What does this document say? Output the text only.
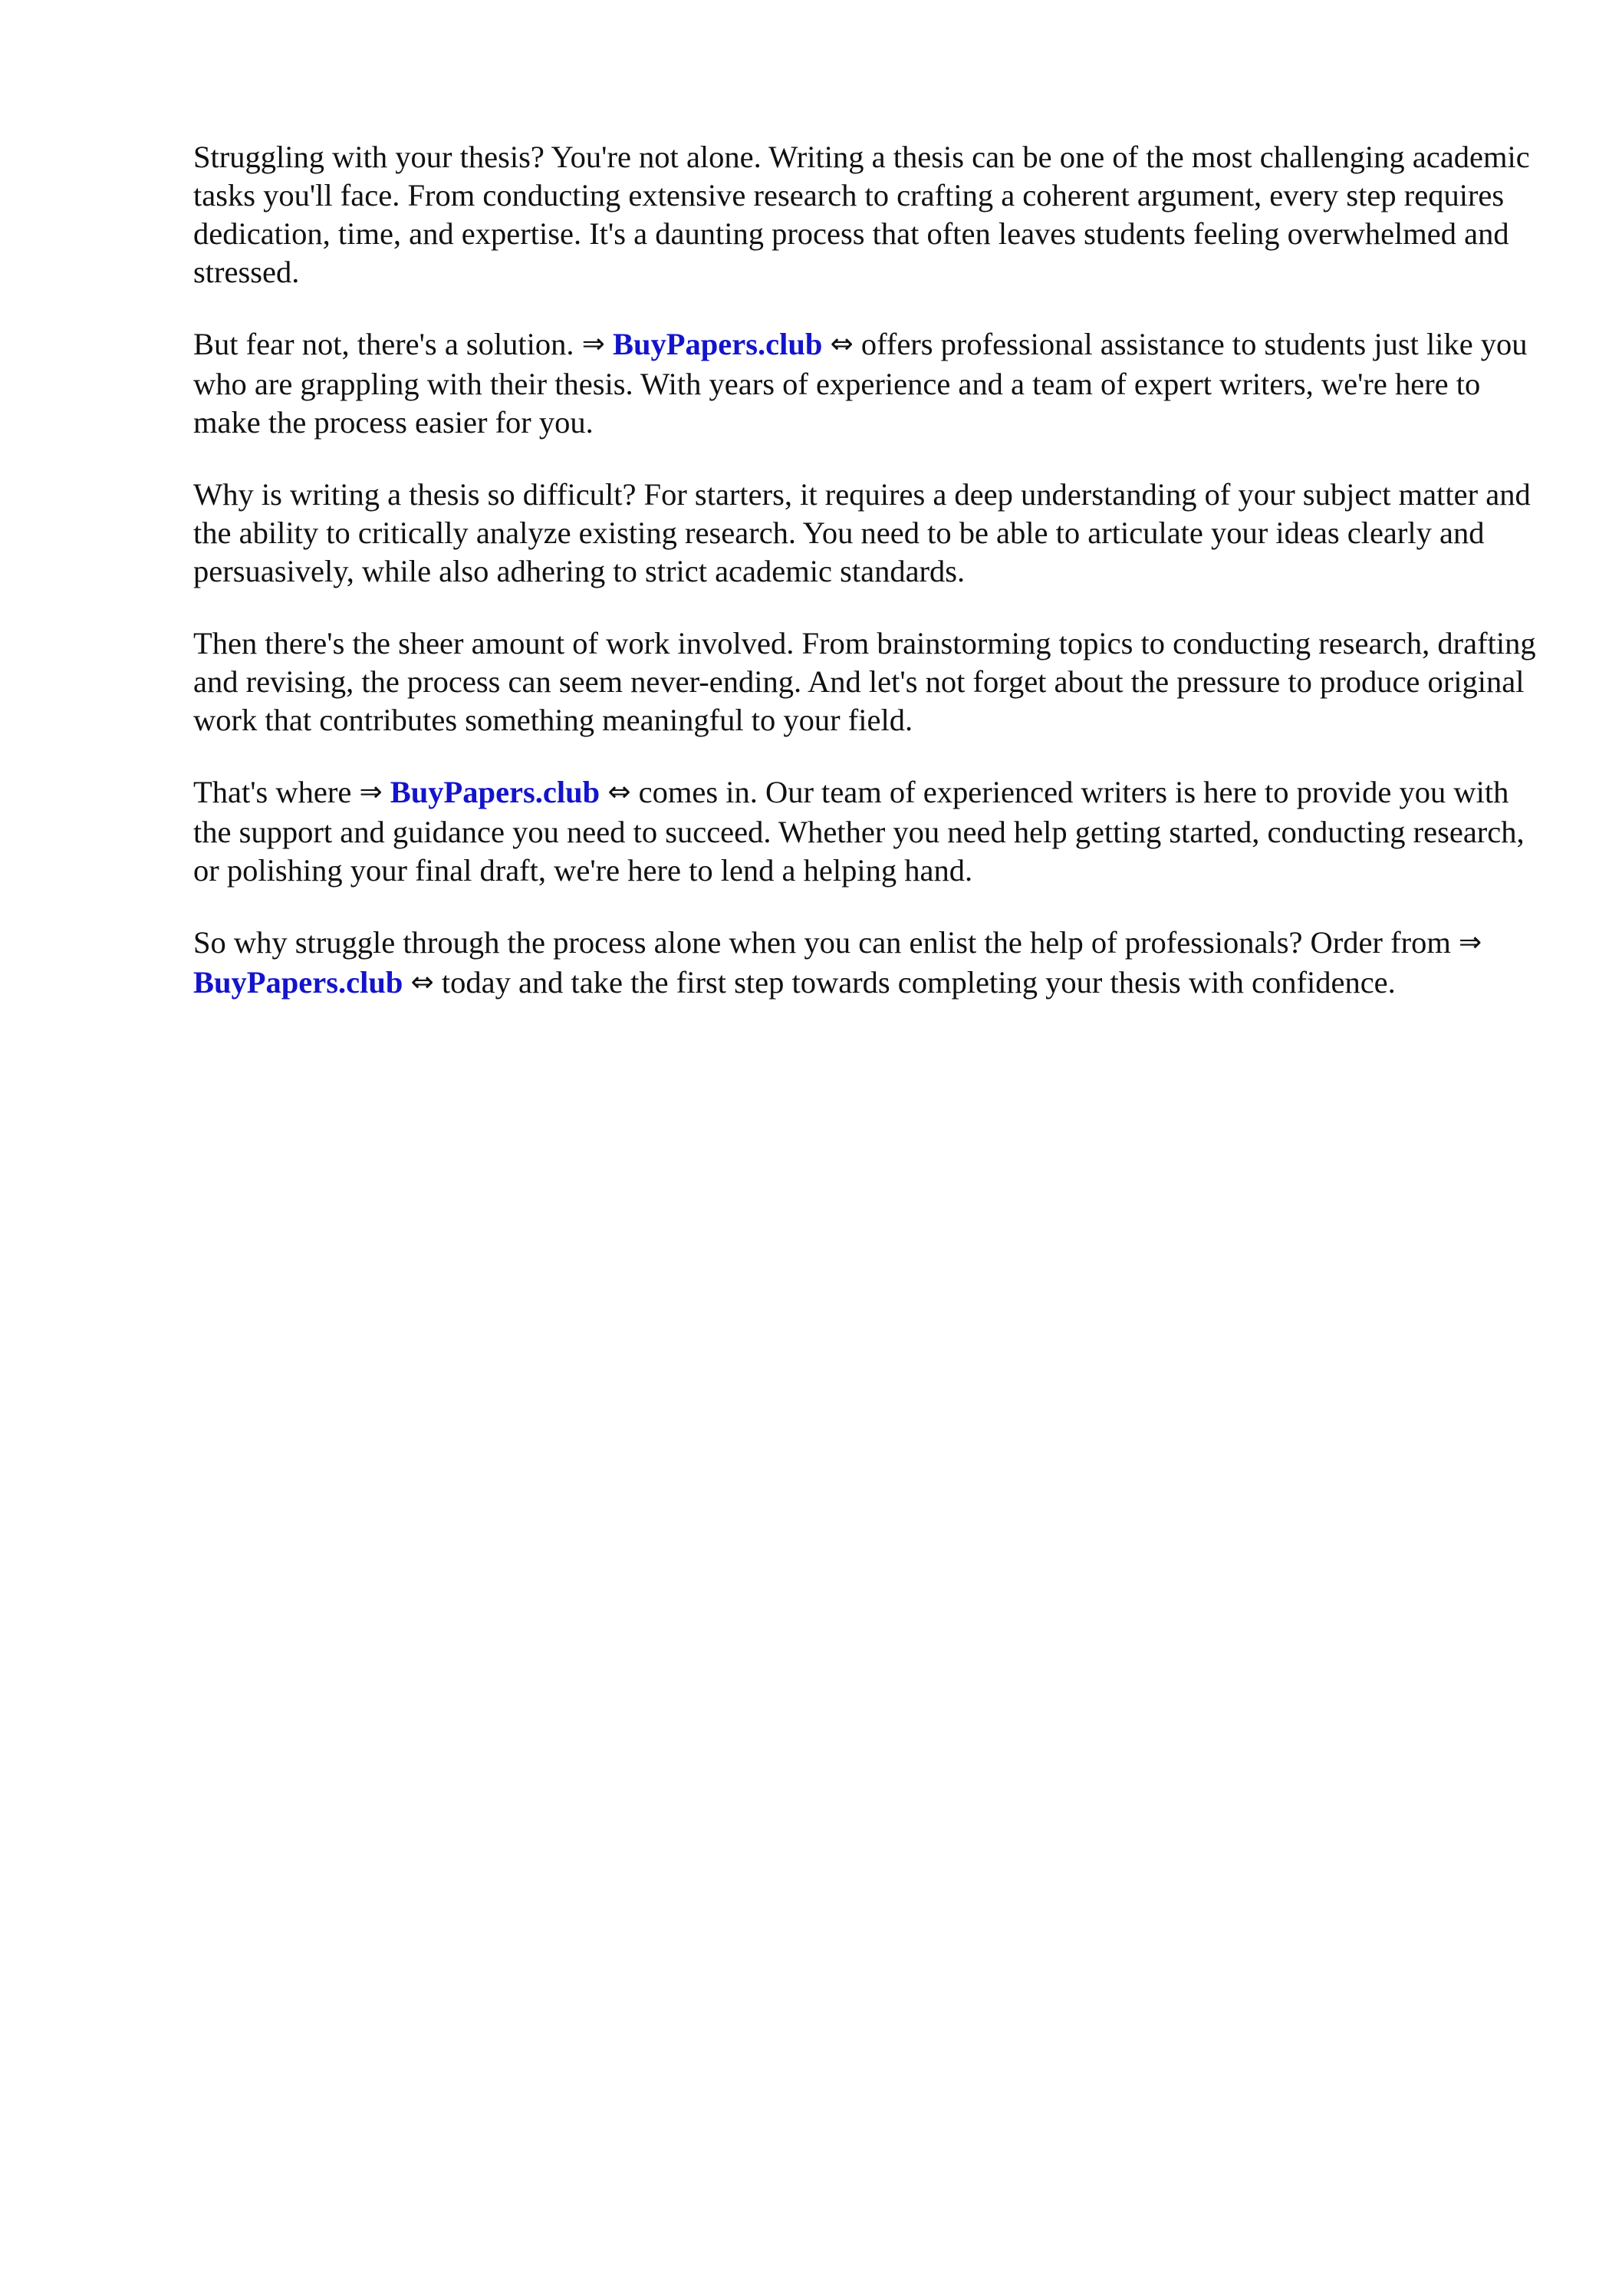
Struggling with your thesis? You're not alone. Writing a thesis can be one of the most challenging academic tasks you'll face. From conducting extensive research to crafting a coherent argument, every step requires dedication, time, and expertise. It's a daunting process that often leaves students feeling overwhelmed and stressed.

But fear not, there's a solution. ⇒ BuyPapers.club ⇔ offers professional assistance to students just like you who are grappling with their thesis. With years of experience and a team of expert writers, we're here to make the process easier for you.

Why is writing a thesis so difficult? For starters, it requires a deep understanding of your subject matter and the ability to critically analyze existing research. You need to be able to articulate your ideas clearly and persuasively, while also adhering to strict academic standards.

Then there's the sheer amount of work involved. From brainstorming topics to conducting research, drafting and revising, the process can seem never-ending. And let's not forget about the pressure to produce original work that contributes something meaningful to your field.

That's where ⇒ BuyPapers.club ⇔ comes in. Our team of experienced writers is here to provide you with the support and guidance you need to succeed. Whether you need help getting started, conducting research, or polishing your final draft, we're here to lend a helping hand.

So why struggle through the process alone when you can enlist the help of professionals? Order from ⇒ BuyPapers.club ⇔ today and take the first step towards completing your thesis with confidence.
